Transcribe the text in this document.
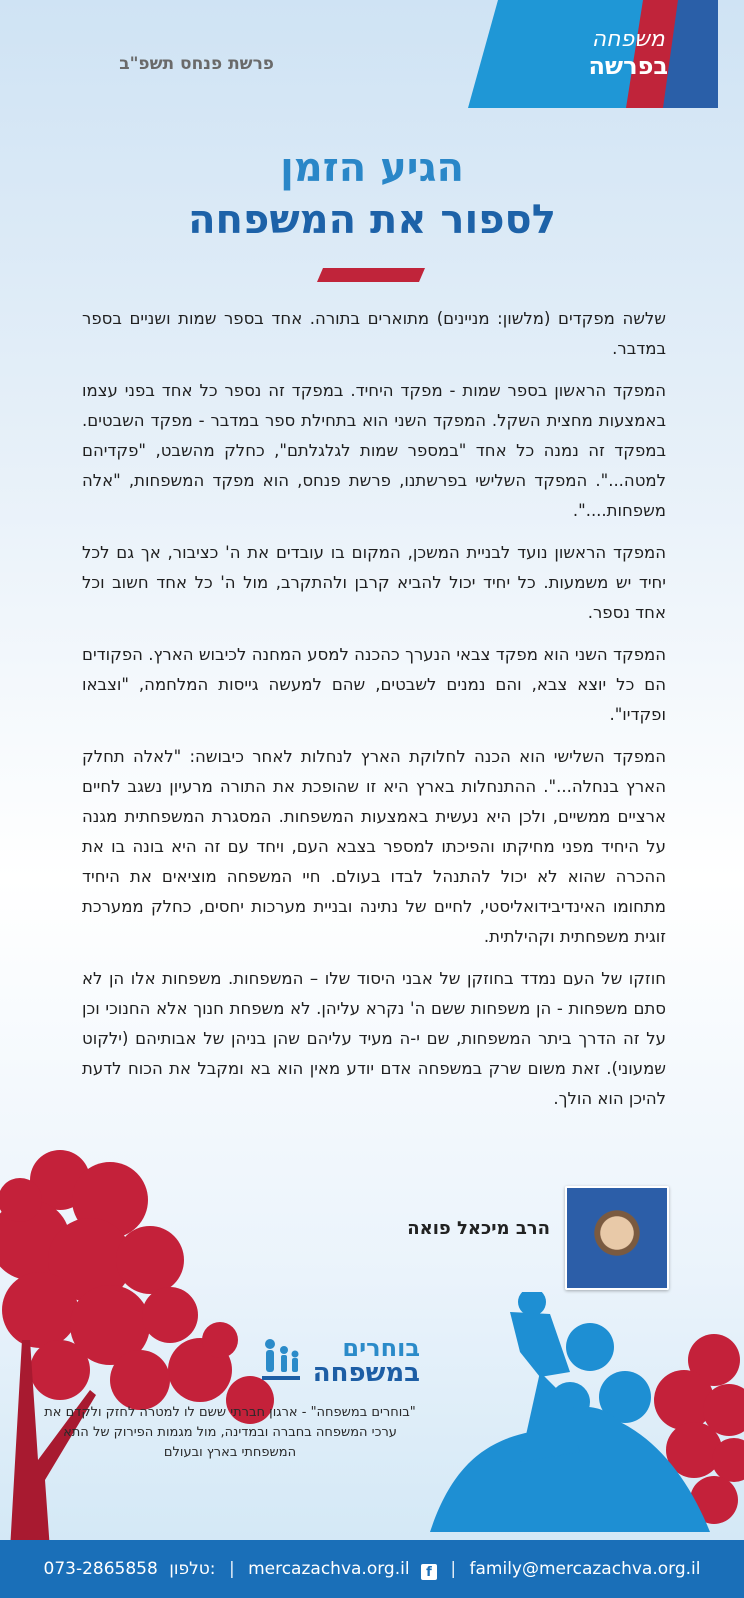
משפחה
בפרשה
פרשת פנחס תשפ"ב
הגיע הזמן
לספור את המשפחה

שלשה מפקדים (מלשון: מניינים) מתוארים בתורה. אחד בספר שמות ושניים בספר במדבר.

המפקד הראשון בספר שמות - מפקד היחיד. במפקד זה נספר כל אחד בפני עצמו באמצעות מחצית השקל. המפקד השני הוא בתחילת ספר במדבר - מפקד השבטים. במפקד זה נמנה כל אחד "במספר שמות לגלגלתם", כחלק מהשבט, "פקדיהם למטה...". המפקד השלישי בפרשתנו, פרשת פנחס, הוא מפקד המשפחות, "אלה משפחות....".

המפקד הראשון נועד לבניית המשכן, המקום בו עובדים את ה' כציבור, אך גם לכל יחיד יש משמעות. כל יחיד יכול להביא קרבן ולהתקרב, מול ה' כל אחד חשוב וכל אחד נספר.

המפקד השני הוא מפקד צבאי הנערך כהכנה למסע המחנה לכיבוש הארץ. הפקודים הם כל יוצא צבא, והם נמנים לשבטים, שהם למעשה גייסות המלחמה, "וצבאו ופקדיו".

המפקד השלישי הוא הכנה לחלוקת הארץ לנחלות לאחר כיבושה: "לאלה תחלק הארץ בנחלה...". ההתנחלות בארץ היא זו שהופכת את התורה מרעיון נשגב לחיים ארציים ממשיים, ולכן היא נעשית באמצעות המשפחות. המסגרת המשפחתית מגנה על היחיד מפני מחיקתו והפיכתו למספר בצבא העם, ויחד עם זה היא בונה בו את ההכרה שהוא לא יכול להתנהל לבדו בעולם. חיי המשפחה מוציאים את היחיד מתחומו האינדיבידואליסטי, לחיים של נתינה ובניית מערכות יחסים, כחלק ממערכת זוגית משפחתית וקהילתית.

חוזקו של העם נמדד בחוזקן של אבני היסוד שלו – המשפחות. משפחות אלו הן לא סתם משפחות - הן משפחות ששם ה' נקרא עליהן. לא משפחת חנוך אלא החנוכי וכן על זה הדרך ביתר המשפחות, שם י-ה מעיד עליהם שהן בניהן של אבותיהם (ילקוט שמעוני). זאת משום שרק במשפחה אדם יודע מאין הוא בא ומקבל את הכוח לדעת להיכן הוא הולך.

הרב מיכאל פואה
בוחרים
במשפחה
"בוחרים במשפחה" - ארגון חברתי ששם לו למטרה לחזק ולקדם את ערכי המשפחה בחברה ובמדינה, מול מגמות הפירוק של התא המשפחתי בארץ ובעולם
073-2865858 טלפון: | mercazachva.org.il f | family@mercazachva.org.il
